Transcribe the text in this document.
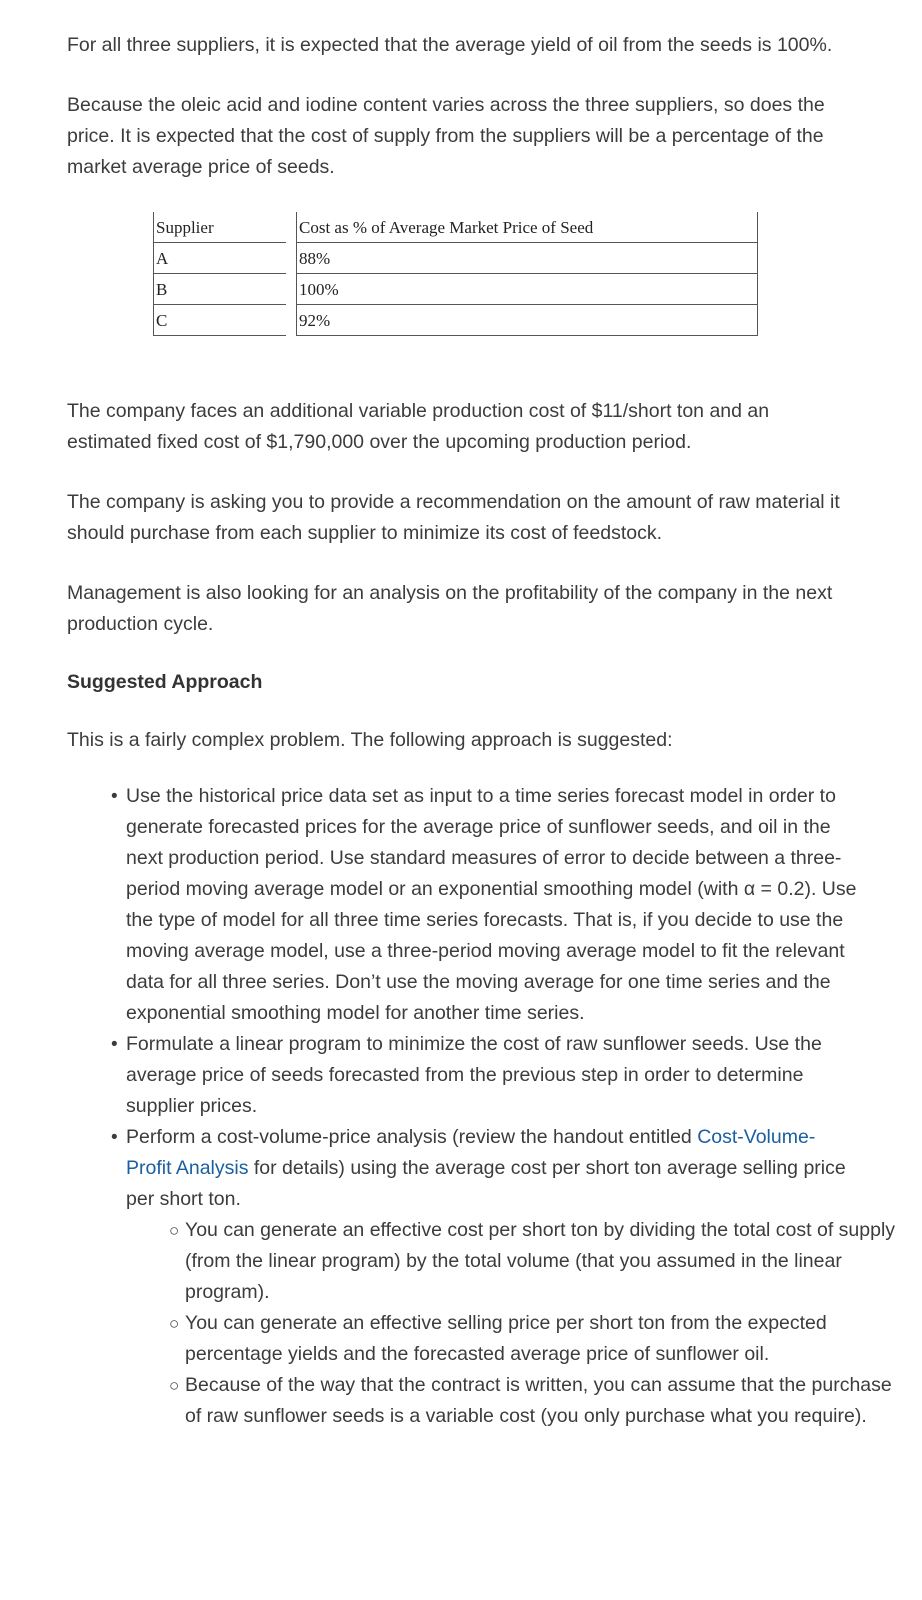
For all three suppliers, it is expected that the average yield of oil from the seeds is 100%.

Because the oleic acid and iodine content varies across the three suppliers, so does the price. It is expected that the cost of supply from the suppliers will be a percentage of the market average price of seeds.

Supplier		Cost as % of Average Market Price of Seed
A		88%
B		100%
C		92%

The company faces an additional variable production cost of $11/short ton and an estimated fixed cost of $1,790,000 over the upcoming production period.

The company is asking you to provide a recommendation on the amount of raw material it should purchase from each supplier to minimize its cost of feedstock.

Management is also looking for an analysis on the profitability of the company in the next production cycle.

Suggested Approach

This is a fairly complex problem. The following approach is suggested:

• Use the historical price data set as input to a time series forecast model in order to generate forecasted prices for the average price of sunflower seeds, and oil in the next production period. Use standard measures of error to decide between a three-period moving average model or an exponential smoothing model (with α = 0.2). Use the type of model for all three time series forecasts. That is, if you decide to use the moving average model, use a three-period moving average model to fit the relevant data for all three series. Don’t use the moving average for one time series and the exponential smoothing model for another time series.
• Formulate a linear program to minimize the cost of raw sunflower seeds. Use the average price of seeds forecasted from the previous step in order to determine supplier prices.
• Perform a cost-volume-price analysis (review the handout entitled Cost-Volume-Profit Analysis for details) using the average cost per short ton average selling price per short ton.
○ You can generate an effective cost per short ton by dividing the total cost of supply (from the linear program) by the total volume (that you assumed in the linear program).
○ You can generate an effective selling price per short ton from the expected percentage yields and the forecasted average price of sunflower oil.
○ Because of the way that the contract is written, you can assume that the purchase of raw sunflower seeds is a variable cost (you only purchase what you require).
